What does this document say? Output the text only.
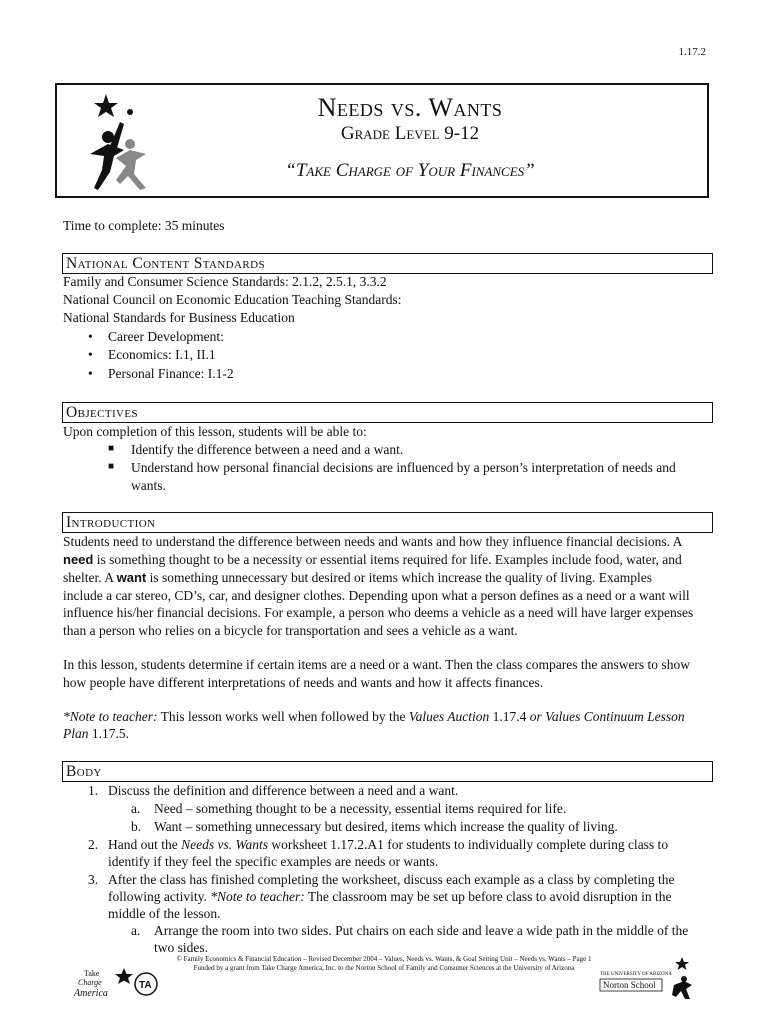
1.17.2
Needs vs. Wants
Grade Level 9-12
“Take Charge of Your Finances”
Time to complete: 35 minutes
National Content Standards
Family and Consumer Science Standards: 2.1.2, 2.5.1, 3.3.2
National Council on Economic Education Teaching Standards:
National Standards for Business Education
• Career Development:
• Economics: I.1, II.1
• Personal Finance: I.1-2
Objectives
Upon completion of this lesson, students will be able to:
■ Identify the difference between a need and a want.
■ Understand how personal financial decisions are influenced by a person’s interpretation of needs and
wants.
Introduction
Students need to understand the difference between needs and wants and how they influence financial decisions. A
need is something thought to be a necessity or essential items required for life. Examples include food, water, and
shelter. A want is something unnecessary but desired or items which increase the quality of living. Examples
include a car stereo, CD’s, car, and designer clothes. Depending upon what a person defines as a need or a want will
influence his/her financial decisions. For example, a person who deems a vehicle as a need will have larger expenses
than a person who relies on a bicycle for transportation and sees a vehicle as a want.
In this lesson, students determine if certain items are a need or a want. Then the class compares the answers to show
how people have different interpretations of needs and wants and how it affects finances.
*Note to teacher: This lesson works well when followed by the Values Auction 1.17.4 or Values Continuum Lesson
Plan 1.17.5.
Body
1. Discuss the definition and difference between a need and a want.
a. Need – something thought to be a necessity, essential items required for life.
b. Want – something unnecessary but desired, items which increase the quality of living.
2. Hand out the Needs vs. Wants worksheet 1.17.2.A1 for students to individually complete during class to
identify if they feel the specific examples are needs or wants.
3. After the class has finished completing the worksheet, discuss each example as a class by completing the
following activity. *Note to teacher: The classroom may be set up before class to avoid disruption in the
middle of the lesson.
a. Arrange the room into two sides. Put chairs on each side and leave a wide path in the middle of the
two sides.
© Family Economics & Financial Education – Revised December 2004 – Values, Needs vs. Wants, & Goal Setting Unit – Needs vs. Wants – Page 1
Funded by a grant from Take Charge America, Inc. to the Norton School of Family and Consumer Sciences at the University of Arizona
Take
Charge
America
TA
THE UNIVERSITY OF ARIZONA
Norton School
